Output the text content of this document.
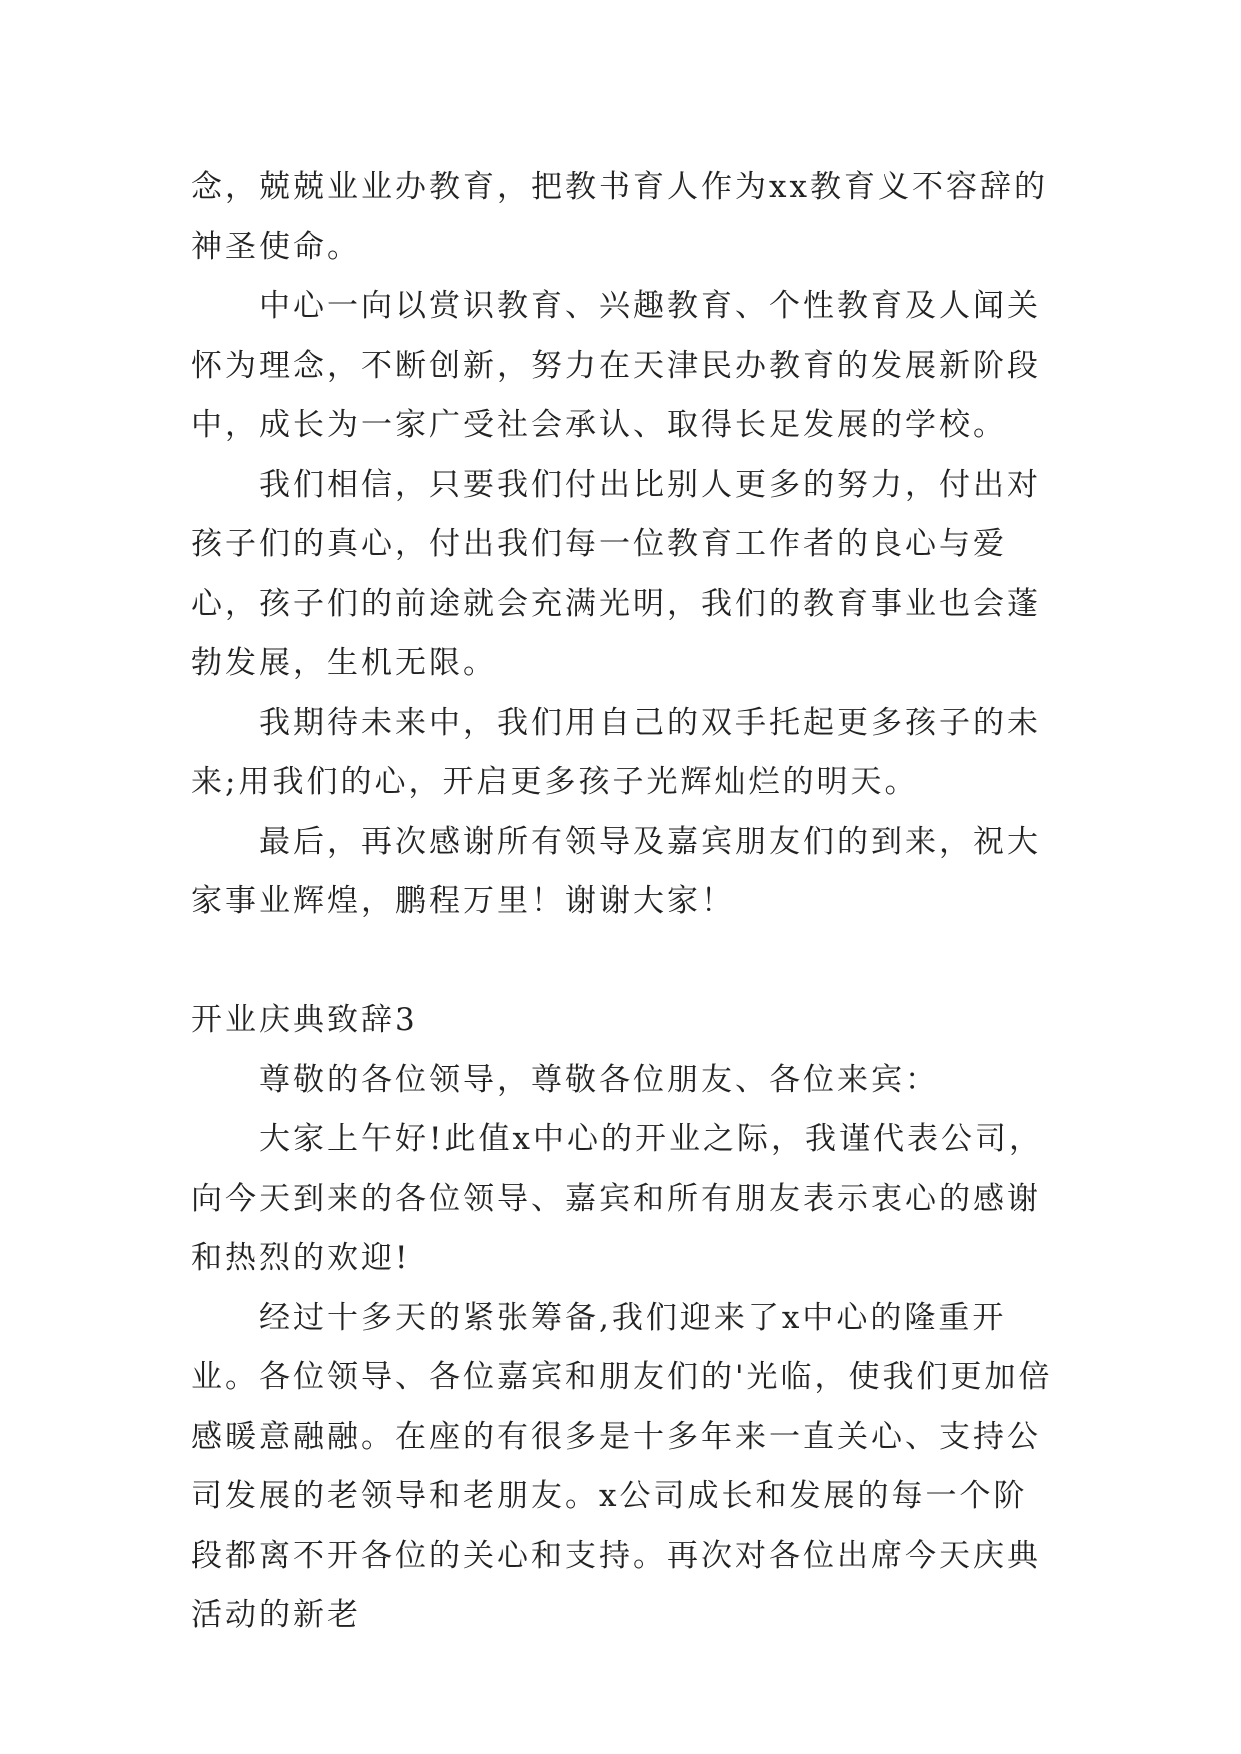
念，兢兢业业办教育，把教书育人作为xx教育义不容辞的神圣使命。

中心一向以赏识教育、兴趣教育、个性教育及人闻关怀为理念，不断创新，努力在天津民办教育的发展新阶段中，成长为一家广受社会承认、取得长足发展的学校。

我们相信，只要我们付出比别人更多的努力，付出对孩子们的真心，付出我们每一位教育工作者的良心与爱心，孩子们的前途就会充满光明，我们的教育事业也会蓬勃发展，生机无限。

我期待未来中，我们用自己的双手托起更多孩子的未来;用我们的心，开启更多孩子光辉灿烂的明天。

最后，再次感谢所有领导及嘉宾朋友们的到来，祝大家事业辉煌，鹏程万里！谢谢大家！

开业庆典致辞3

尊敬的各位领导，尊敬各位朋友、各位来宾：

大家上午好!此值x中心的开业之际，我谨代表公司，向今天到来的各位领导、嘉宾和所有朋友表示衷心的感谢和热烈的欢迎!

经过十多天的紧张筹备,我们迎来了x中心的隆重开业。各位领导、各位嘉宾和朋友们的'光临，使我们更加倍感暖意融融。在座的有很多是十多年来一直关心、支持公司发展的老领导和老朋友。x公司成长和发展的每一个阶段都离不开各位的关心和支持。再次对各位出席今天庆典活动的新老
